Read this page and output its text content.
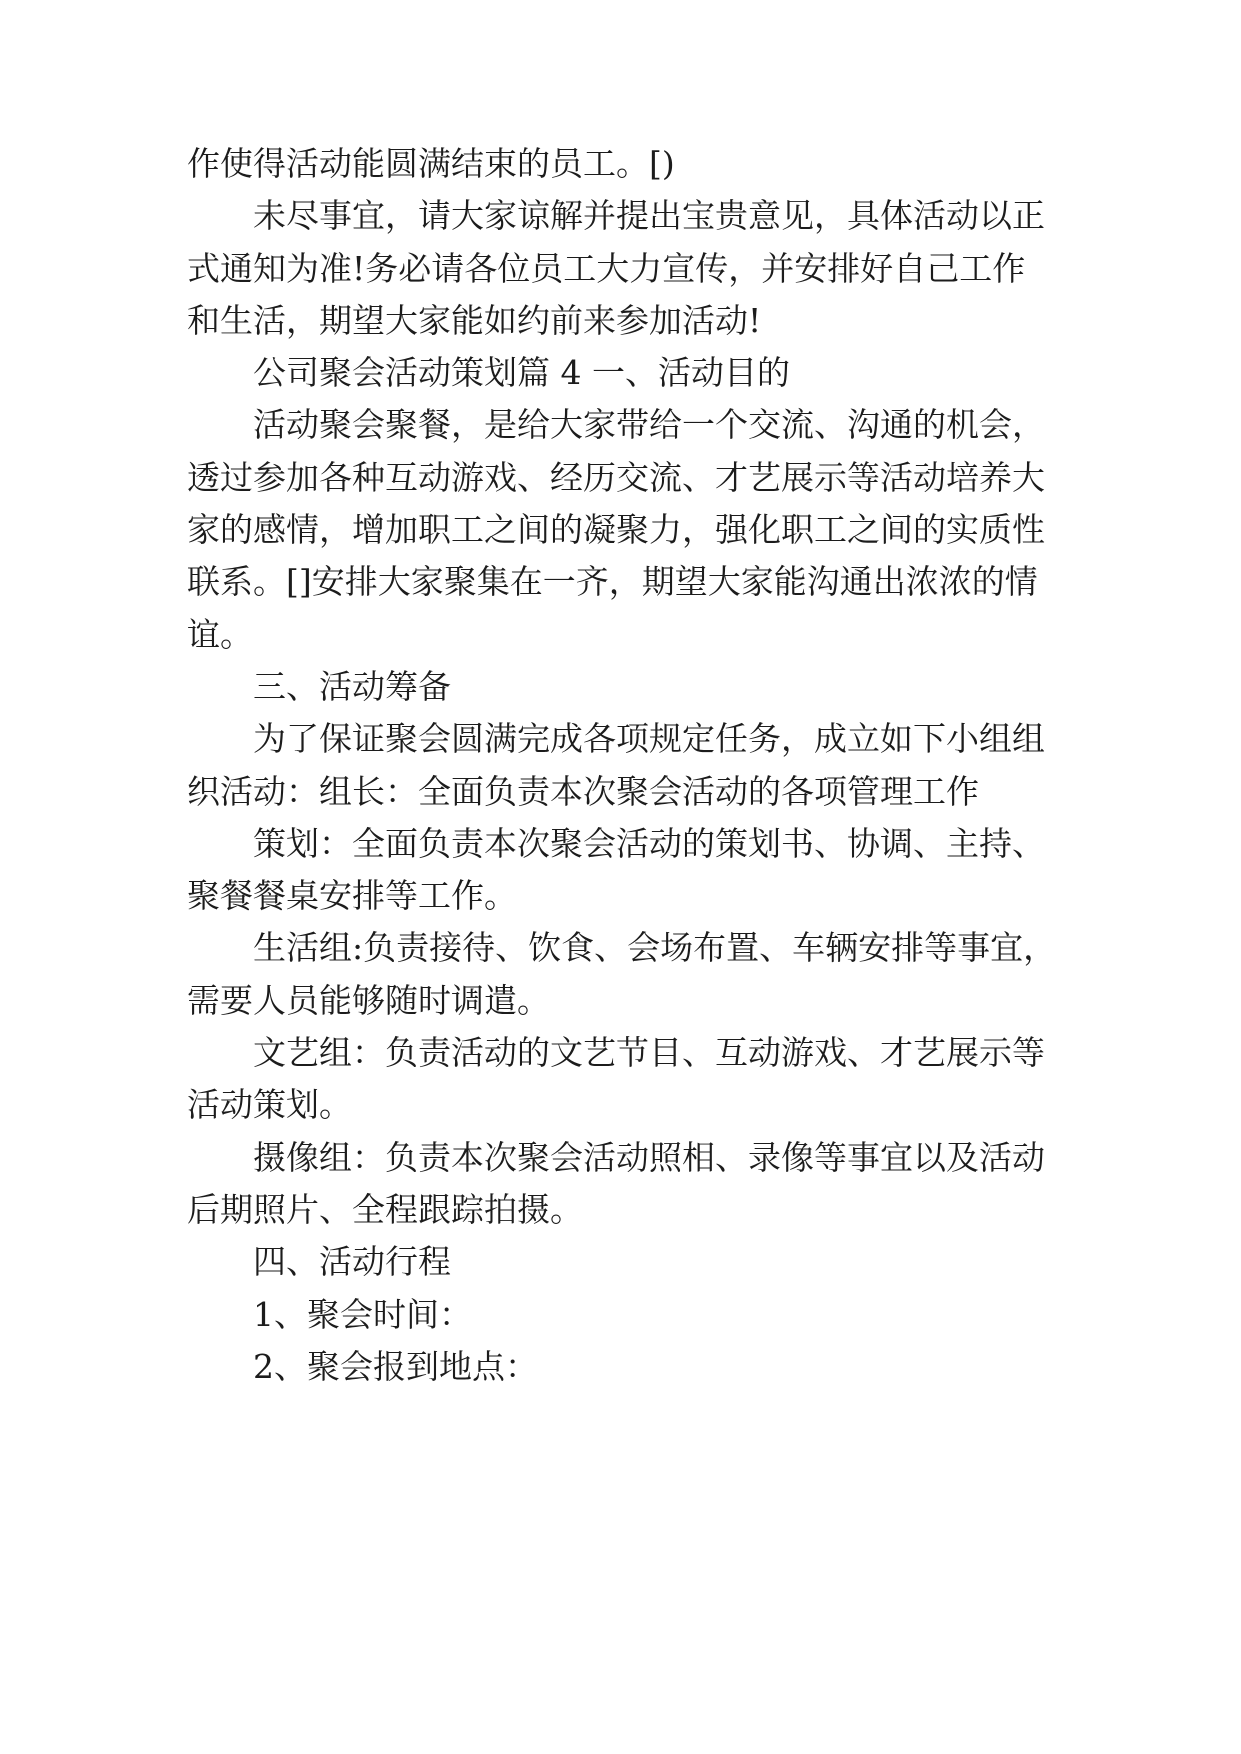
作使得活动能圆满结束的员工。[)
未尽事宜，请大家谅解并提出宝贵意见，具体活动以正
式通知为准!务必请各位员工大力宣传，并安排好自己工作
和生活，期望大家能如约前来参加活动!
公司聚会活动策划篇 4 一、活动目的
活动聚会聚餐，是给大家带给一个交流、沟通的机会，
透过参加各种互动游戏、经历交流、才艺展示等活动培养大
家的感情，增加职工之间的凝聚力，强化职工之间的实质性
联系。[]安排大家聚集在一齐，期望大家能沟通出浓浓的情
谊。
三、活动筹备
为了保证聚会圆满完成各项规定任务，成立如下小组组
织活动：组长：全面负责本次聚会活动的各项管理工作
策划：全面负责本次聚会活动的策划书、协调、主持、
聚餐餐桌安排等工作。
生活组:负责接待、饮食、会场布置、车辆安排等事宜，
需要人员能够随时调遣。
文艺组：负责活动的文艺节目、互动游戏、才艺展示等
活动策划。
摄像组：负责本次聚会活动照相、录像等事宜以及活动
后期照片、全程跟踪拍摄。
四、活动行程
1、聚会时间：
2、聚会报到地点：
